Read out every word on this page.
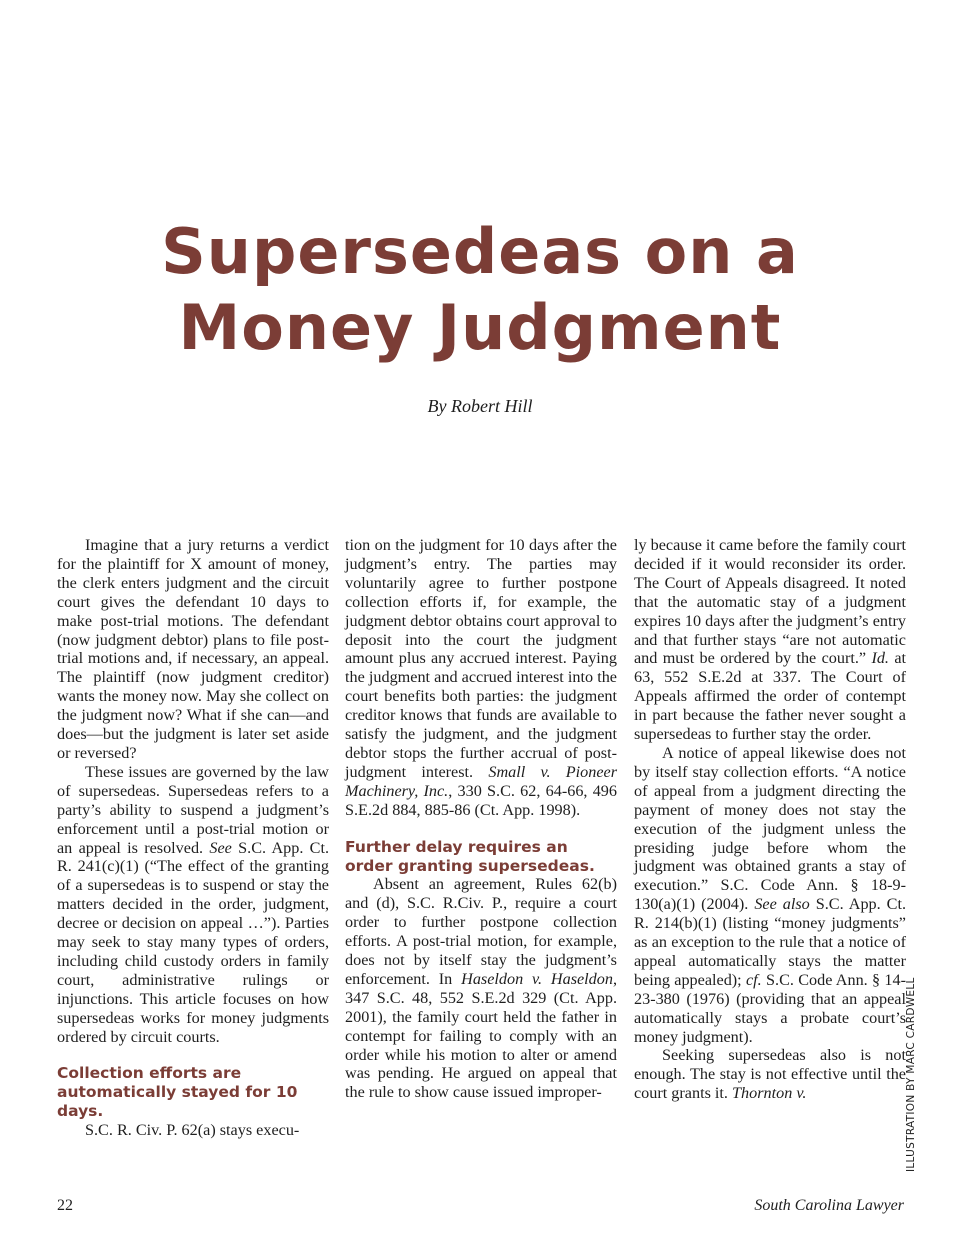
Supersedeas on a
Money Judgment
By Robert Hill

Imagine that a jury returns a verdict for the plaintiff for X amount of money, the clerk enters judgment and the circuit court gives the defendant 10 days to make post-trial motions. The defendant (now judgment debtor) plans to file post-trial motions and, if necessary, an appeal. The plaintiff (now judgment creditor) wants the money now. May she collect on the judgment now? What if she can—and does—but the judgment is later set aside or reversed?

These issues are governed by the law of supersedeas. Supersedeas refers to a party’s ability to suspend a judgment’s enforcement until a post-trial motion or an appeal is resolved. See S.C. App. Ct. R. 241(c)(1) (“The effect of the granting of a supersedeas is to suspend or stay the matters decided in the order, judgment, decree or decision on appeal …”). Parties may seek to stay many types of orders, including child custody orders in family court, administrative rulings or injunctions. This article focuses on how supersedeas works for money judgments ordered by circuit courts.

Collection efforts are automatically stayed for 10 days.

S.C. R. Civ. P. 62(a) stays execu-

tion on the judgment for 10 days after the judgment’s entry. The parties may voluntarily agree to further postpone collection efforts if, for example, the judgment debtor obtains court approval to deposit into the court the judgment amount plus any accrued interest. Paying the judgment and accrued interest into the court benefits both parties: the judgment creditor knows that funds are available to satisfy the judgment, and the judgment debtor stops the further accrual of post-judgment interest. Small v. Pioneer Machinery, Inc., 330 S.C. 62, 64-66, 496 S.E.2d 884, 885-86 (Ct. App. 1998).

Further delay requires an order granting supersedeas.

Absent an agreement, Rules 62(b) and (d), S.C. R.Civ. P., require a court order to further postpone collection efforts. A post-trial motion, for example, does not by itself stay the judgment’s enforcement. In Haseldon v. Haseldon, 347 S.C. 48, 552 S.E.2d 329 (Ct. App. 2001), the family court held the father in contempt for failing to comply with an order while his motion to alter or amend was pending. He argued on appeal that the rule to show cause issued improper-

ly because it came before the family court decided if it would reconsider its order. The Court of Appeals disagreed. It noted that the automatic stay of a judgment expires 10 days after the judgment’s entry and that further stays “are not automatic and must be ordered by the court.” Id. at 63, 552 S.E.2d at 337. The Court of Appeals affirmed the order of contempt in part because the father never sought a supersedeas to further stay the order.

A notice of appeal likewise does not by itself stay collection efforts. “A notice of appeal from a judgment directing the payment of money does not stay the execution of the judgment unless the presiding judge before whom the judgment was obtained grants a stay of execution.” S.C. Code Ann. § 18-9-130(a)(1) (2004). See also S.C. App. Ct. R. 214(b)(1) (listing “money judgments” as an exception to the rule that a notice of appeal automatically stays the matter being appealed); cf. S.C. Code Ann. § 14-23-380 (1976) (providing that an appeal automatically stays a probate court’s money judgment).

Seeking supersedeas also is not enough. The stay is not effective until the court grants it. Thornton v.	ILLUSTRATION BY MARC CARDWELL
22	South Carolina Lawyer
